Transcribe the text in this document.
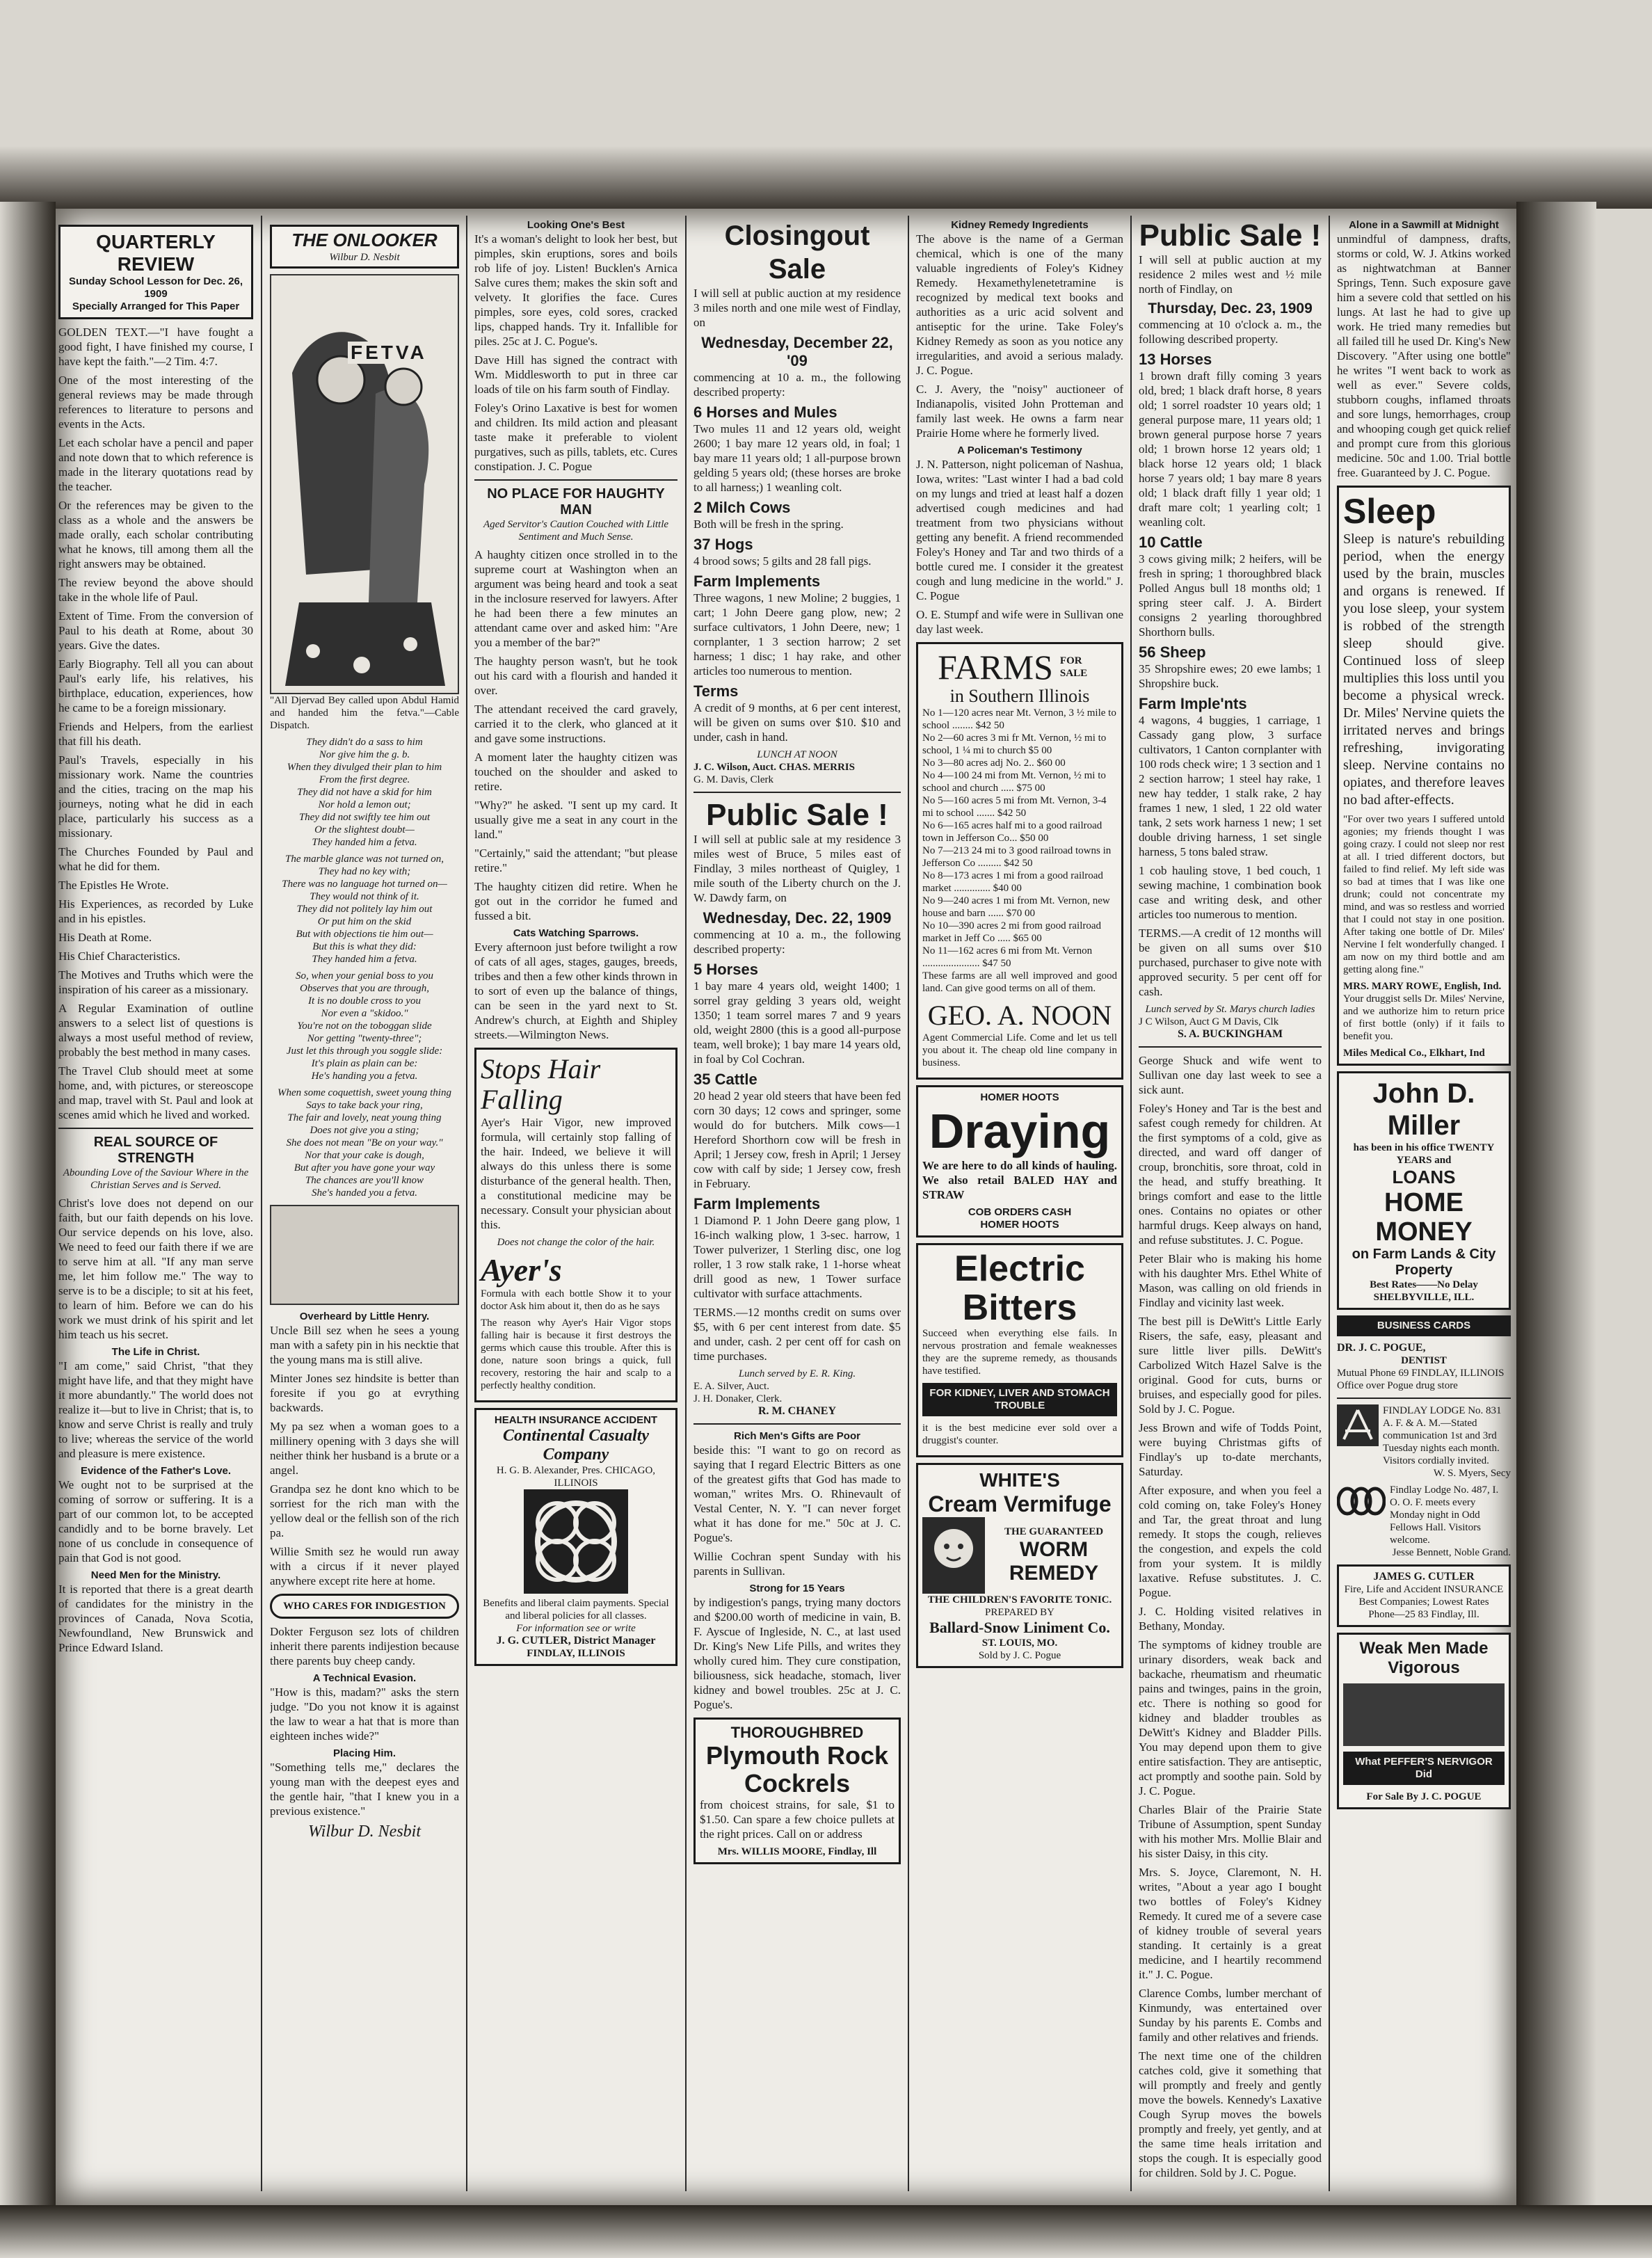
QUARTERLY REVIEW
Sunday School Lesson for Dec. 26, 1909
Specially Arranged for This Paper

GOLDEN TEXT.—"I have fought a good fight, I have finished my course, I have kept the faith."—2 Tim. 4:7.

One of the most interesting of the general reviews may be made through references to literature to persons and events in the Acts.

Let each scholar have a pencil and paper and note down that to which reference is made in the literary quotations read by the teacher.

Or the references may be given to the class as a whole and the answers be made orally, each scholar contributing what he knows, till among them all the right answers may be obtained.

The review beyond the above should take in the whole life of Paul.

Extent of Time. From the conversion of Paul to his death at Rome, about 30 years. Give the dates.

Early Biography. Tell all you can about Paul's early life, his relatives, his birthplace, education, experiences, how he came to be a foreign missionary.

Friends and Helpers, from the earliest that fill his death.

Paul's Travels, especially in his missionary work. Name the countries and the cities, tracing on the map his journeys, noting what he did in each place, particularly his success as a missionary.

The Churches Founded by Paul and what he did for them.

The Epistles He Wrote.

His Experiences, as recorded by Luke and in his epistles.

His Death at Rome.

His Chief Characteristics.

The Motives and Truths which were the inspiration of his career as a missionary.

A Regular Examination of outline answers to a select list of questions is always a most useful method of review, probably the best method in many cases.

The Travel Club should meet at some home, and, with pictures, or stereoscope and map, travel with St. Paul and look at scenes amid which he lived and worked.

REAL SOURCE OF STRENGTH

Abounding Love of the Saviour Where in the Christian Serves and is Served.

Christ's love does not depend on our faith, but our faith depends on his love. Our service depends on his love, also. We need to feed our faith there if we are to serve him at all. "If any man serve me, let him follow me." The way to serve is to be a disciple; to sit at his feet, to learn of him. Before we can do his work we must drink of his spirit and let him teach us his secret.

The Life in Christ.

"I am come," said Christ, "that they might have life, and that they might have it more abundantly." The world does not realize it—but to live in Christ; that is, to know and serve Christ is really and truly to live; whereas the service of the world and pleasure is mere existence.

Evidence of the Father's Love.

We ought not to be surprised at the coming of sorrow or suffering. It is a part of our common lot, to be accepted candidly and to be borne bravely. Let none of us conclude in consequence of pain that God is not good.

Need Men for the Ministry.

It is reported that there is a great dearth of candidates for the ministry in the provinces of Canada, Nova Scotia, Newfoundland, New Brunswick and Prince Edward Island.

THE ONLOOKER
Wilbur D. Nesbit
FETVA

"All Djervad Bey called upon Abdul Hamid and handed him the fetva."—Cable Dispatch.

They didn't do a sass to him
Nor give him the g. b.
When they divulged their plan to him
From the first degree.
They did not have a skid for him
Nor hold a lemon out;
They did not swiftly tee him out
Or the slightest doubt—
They handed him a fetva.
The marble glance was not turned on,
They had no key with;
There was no language hot turned on—
They would not think of it.
They did not politely lay him out
Or put him on the skid
But with objections tie him out—
But this is what they did:
They handed him a fetva.
So, when your genial boss to you
Observes that you are through,
It is no double cross to you
Nor even a "skidoo."
You're not on the toboggan slide
Nor getting "twenty-three";
Just let this through you soggle slide:
It's plain as plain can be:
He's handing you a fetva.
When some coquettish, sweet young thing
Says to take back your ring,
The fair and lovely, neat young thing
Does not give you a sting;
She does not mean "Be on your way."
Nor that your cake is dough,
But after you have gone your way
The chances are you'll know
She's handed you a fetva.
Overheard by Little Henry.

Uncle Bill sez when he sees a young man with a safety pin in his necktie that the young mans ma is still alive.

Minter Jones sez hindsite is better than foresite if you go at evrything backwards.

My pa sez when a woman goes to a millinery opening with 3 days she will neither think her husband is a brute or a angel.

Grandpa sez he dont kno which to be sorriest for the rich man with the yellow deal or the fellish son of the rich pa.

Willie Smith sez he would run away with a circus if it never played anywhere except rite here at home.

WHO CARES FOR INDIGESTION

Dokter Ferguson sez lots of children inherit there parents indijestion because there parents buy cheep candy.

A Technical Evasion.

"How is this, madam?" asks the stern judge. "Do you not know it is against the law to wear a hat that is more than eighteen inches wide?"

Placing Him.

"Something tells me," declares the young man with the deepest eyes and the gentle hair, "that I knew you in a previous existence."

Wilbur D. Nesbit
Looking One's Best

It's a woman's delight to look her best, but pimples, skin eruptions, sores and boils rob life of joy. Listen! Bucklen's Arnica Salve cures them; makes the skin soft and velvety. It glorifies the face. Cures pimples, sore eyes, cold sores, cracked lips, chapped hands. Try it. Infallible for piles. 25c at J. C. Pogue's.

Dave Hill has signed the contract with Wm. Middlesworth to put in three car loads of tile on his farm south of Findlay.

Foley's Orino Laxative is best for women and children. Its mild action and pleasant taste make it preferable to violent purgatives, such as pills, tablets, etc. Cures constipation. J. C. Pogue

NO PLACE FOR HAUGHTY MAN

Aged Servitor's Caution Couched with Little Sentiment and Much Sense.

A haughty citizen once strolled in to the supreme court at Washington when an argument was being heard and took a seat in the inclosure reserved for lawyers. After he had been there a few minutes an attendant came over and asked him: "Are you a member of the bar?"

The haughty person wasn't, but he took out his card with a flourish and handed it over.

The attendant received the card gravely, carried it to the clerk, who glanced at it and gave some instructions.

A moment later the haughty citizen was touched on the shoulder and asked to retire.

"Why?" he asked. "I sent up my card. It usually give me a seat in any court in the land."

"Certainly," said the attendant; "but please retire."

The haughty citizen did retire. When he got out in the corridor he fumed and fussed a bit.

Cats Watching Sparrows.

Every afternoon just before twilight a row of cats of all ages, stages, gauges, breeds, tribes and then a few other kinds thrown in to sort of even up the balance of things, can be seen in the yard next to St. Andrew's church, at Eighth and Shipley streets.—Wilmington News.

Stops Hair Falling

Ayer's Hair Vigor, new improved formula, will certainly stop falling of the hair. Indeed, we believe it will always do this unless there is some disturbance of the general health. Then, a constitutional medicine may be necessary. Consult your physician about this.

Does not change the color of the hair.

Ayer's

Formula with each bottle Show it to your doctor Ask him about it, then do as he says

The reason why Ayer's Hair Vigor stops falling hair is because it first destroys the germs which cause this trouble. After this is done, nature soon brings a quick, full recovery, restoring the hair and scalp to a perfectly healthy condition.

HEALTH INSURANCE ACCIDENT
Continental Casualty Company
H. G. B. Alexander, Pres. CHICAGO, ILLINOIS
Benefits and liberal claim payments. Special and liberal policies for all classes.
For information see or write
J. G. CUTLER, District Manager
FINDLAY, ILLINOIS
Closingout Sale

I will sell at public auction at my residence 3 miles north and one mile west of Findlay, on

Wednesday, December 22, '09

commencing at 10 a. m., the following described property:

6 Horses and Mules

Two mules 11 and 12 years old, weight 2600; 1 bay mare 12 years old, in foal; 1 bay mare 11 years old; 1 all-purpose brown gelding 5 years old; (these horses are broke to all harness;) 1 weanling colt.

2 Milch Cows

Both will be fresh in the spring.

37 Hogs

4 brood sows; 5 gilts and 28 fall pigs.

Farm Implements

Three wagons, 1 new Moline; 2 buggies, 1 cart; 1 John Deere gang plow, new; 2 surface cultivators, 1 John Deere, new; 1 cornplanter, 1 3 section harrow; 2 set harness; 1 disc; 1 hay rake, and other articles too numerous to mention.

Terms

A credit of 9 months, at 6 per cent interest, will be given on sums over $10. $10 and under, cash in hand.

LUNCH AT NOON
J. C. Wilson, Auct. CHAS. MERRIS
G. M. Davis, Clerk
Public Sale !

I will sell at public sale at my residence 3 miles west of Bruce, 5 miles east of Findlay, 3 miles northeast of Quigley, 1 mile south of the Liberty church on the J. W. Dawdy farm, on

Wednesday, Dec. 22, 1909

commencing at 10 a. m., the following described property:

5 Horses

1 bay mare 4 years old, weight 1400; 1 sorrel gray gelding 3 years old, weight 1350; 1 team sorrel mares 7 and 9 years old, weight 2800 (this is a good all-purpose team, well broke); 1 bay mare 14 years old, in foal by Col Cochran.

35 Cattle

20 head 2 year old steers that have been fed corn 30 days; 12 cows and springer, some would do for butchers. Milk cows—1 Hereford Shorthorn cow will be fresh in April; 1 Jersey cow, fresh in April; 1 Jersey cow with calf by side; 1 Jersey cow, fresh in February.

Farm Implements

1 Diamond P. 1 John Deere gang plow, 1 16-inch walking plow, 1 3-sec. harrow, 1 Tower pulverizer, 1 Sterling disc, one log roller, 1 3 row stalk rake, 1 1-horse wheat drill good as new, 1 Tower surface cultivator with surface attachments.

TERMS.—12 months credit on sums over $5, with 6 per cent interest from date. $5 and under, cash. 2 per cent off for cash on time purchases.

Lunch served by E. R. King.
E. A. Silver, Auct.
J. H. Donaker, Clerk.
R. M. CHANEY
Rich Men's Gifts are Poor

beside this: "I want to go on record as saying that I regard Electric Bitters as one of the greatest gifts that God has made to woman," writes Mrs. O. Rhinevault of Vestal Center, N. Y. "I can never forget what it has done for me." 50c at J. C. Pogue's.

Willie Cochran spent Sunday with his parents in Sullivan.

Strong for 15 Years

by indigestion's pangs, trying many doctors and $200.00 worth of medicine in vain, B. F. Ayscue of Ingleside, N. C., at last used Dr. King's New Life Pills, and writes they wholly cured him. They cure constipation, biliousness, sick headache, stomach, liver kidney and bowel troubles. 25c at J. C. Pogue's.

THOROUGHBRED
Plymouth Rock
Cockrels

from choicest strains, for sale, $1 to $1.50. Can spare a few choice pullets at the right prices. Call on or address

Mrs. WILLIS MOORE, Findlay, Ill
Kidney Remedy Ingredients

The above is the name of a German chemical, which is one of the many valuable ingredients of Foley's Kidney Remedy. Hexamethylenetetramine is recognized by medical text books and authorities as a uric acid solvent and antiseptic for the urine. Take Foley's Kidney Remedy as soon as you notice any irregularities, and avoid a serious malady. J. C. Pogue.

C. J. Avery, the "noisy" auctioneer of Indianapolis, visited John Protteman and family last week. He owns a farm near Prairie Home where he formerly lived.

A Policeman's Testimony

J. N. Patterson, night policeman of Nashua, Iowa, writes: "Last winter I had a bad cold on my lungs and tried at least half a dozen advertised cough medicines and had treatment from two physicians without getting any benefit. A friend recommended Foley's Honey and Tar and two thirds of a bottle cured me. I consider it the greatest cough and lung medicine in the world." J. C. Pogue

O. E. Stumpf and wife were in Sullivan one day last week.

FARMS FOR SALE
in Southern Illinois
No 1—120 acres near Mt. Vernon, 3 ½ mile to school ........ $42 50
No 2—60 acres 3 mi fr Mt. Vernon, ½ mi to school, 1 ¼ mi to church $5 00
No 3—80 acres adj No. 2.. $60 00
No 4—100 24 mi from Mt. Vernon, ½ mi to school and church ..... $75 00
No 5—160 acres 5 mi from Mt. Vernon, 3-4 mi to school ....... $42 50
No 6—165 acres half mi to a good railroad town in Jefferson Co... $50 00
No 7—213 24 mi to 3 good railroad towns in Jefferson Co ......... $42 50
No 8—173 acres 1 mi from a good railroad market .............. $40 00
No 9—240 acres 1 mi from Mt. Vernon, new house and barn ...... $70 00
No 10—390 acres 2 mi from good railroad market in Jeff Co ..... $65 00
No 11—162 acres 6 mi from Mt. Vernon ...................... $47 50

These farms are all well improved and good land. Can give good terms on all of them.

GEO. A. NOON

Agent Commercial Life. Come and let us tell you about it. The cheap old line company in business.

HOMER HOOTS
Draying

We are here to do all kinds of hauling. We also retail BALED HAY and STRAW

COB ORDERS CASH
HOMER HOOTS
Electric Bitters

Succeed when everything else fails. In nervous prostration and female weaknesses they are the supreme remedy, as thousands have testified.

FOR KIDNEY, LIVER AND STOMACH TROUBLE

it is the best medicine ever sold over a druggist's counter.

WHITE'S
Cream Vermifuge
THE GUARANTEED
WORM REMEDY
THE CHILDREN'S FAVORITE TONIC.
PREPARED BY
Ballard-Snow Liniment Co.
ST. LOUIS, MO.
Sold by J. C. Pogue
Public Sale !

I will sell at public auction at my residence 2 miles west and ½ mile north of Findlay, on

Thursday, Dec. 23, 1909

commencing at 10 o'clock a. m., the following described property.

13 Horses

1 brown draft filly coming 3 years old, bred; 1 black draft horse, 8 years old; 1 sorrel roadster 10 years old; 1 general purpose mare, 11 years old; 1 brown general purpose horse 7 years old; 1 brown horse 12 years old; 1 black horse 12 years old; 1 black horse 7 years old; 1 bay mare 8 years old; 1 black draft filly 1 year old; 1 draft mare colt; 1 yearling colt; 1 weanling colt.

10 Cattle

3 cows giving milk; 2 heifers, will be fresh in spring; 1 thoroughbred black Polled Angus bull 18 months old; 1 spring steer calf. J. A. Birdert consigns 2 yearling thoroughbred Shorthorn bulls.

56 Sheep

35 Shropshire ewes; 20 ewe lambs; 1 Shropshire buck.

Farm Imple'nts

4 wagons, 4 buggies, 1 carriage, 1 Cassady gang plow, 3 surface cultivators, 1 Canton cornplanter with 100 rods check wire; 1 3 section and 1 2 section harrow; 1 steel hay rake, 1 new hay tedder, 1 stalk rake, 2 hay frames 1 new, 1 sled, 1 22 old water tank, 2 sets work harness 1 new; 1 set double driving harness, 1 set single harness, 5 tons baled straw.

1 cob hauling stove, 1 bed couch, 1 sewing machine, 1 combination book case and writing desk, and other articles too numerous to mention.

TERMS.—A credit of 12 months will be given on all sums over $10 purchased, purchaser to give note with approved security. 5 per cent off for cash.

Lunch served by St. Marys church ladies
J C Wilson, Auct G M Davis, Clk
S. A. BUCKINGHAM

George Shuck and wife went to Sullivan one day last week to see a sick aunt.

Foley's Honey and Tar is the best and safest cough remedy for children. At the first symptoms of a cold, give as directed, and ward off danger of croup, bronchitis, sore throat, cold in the head, and stuffy breathing. It brings comfort and ease to the little ones. Contains no opiates or other harmful drugs. Keep always on hand, and refuse substitutes. J. C. Pogue.

Peter Blair who is making his home with his daughter Mrs. Ethel White of Mason, was calling on old friends in Findlay and vicinity last week.

The best pill is DeWitt's Little Early Risers, the safe, easy, pleasant and sure little liver pills. DeWitt's Carbolized Witch Hazel Salve is the original. Good for cuts, burns or bruises, and especially good for piles. Sold by J. C. Pogue.

Jess Brown and wife of Todds Point, were buying Christmas gifts of Findlay's up to-date merchants, Saturday.

After exposure, and when you feel a cold coming on, take Foley's Honey and Tar, the great throat and lung remedy. It stops the cough, relieves the congestion, and expels the cold from your system. It is mildly laxative. Refuse substitutes. J. C. Pogue.

J. C. Holding visited relatives in Bethany, Monday.

The symptoms of kidney trouble are urinary disorders, weak back and backache, rheumatism and rheumatic pains and twinges, pains in the groin, etc. There is nothing so good for kidney and bladder troubles as DeWitt's Kidney and Bladder Pills. You may depend upon them to give entire satisfaction. They are antiseptic, act promptly and soothe pain. Sold by J. C. Pogue.

Charles Blair of the Prairie State Tribune of Assumption, spent Sunday with his mother Mrs. Mollie Blair and his sister Daisy, in this city.

Mrs. S. Joyce, Claremont, N. H. writes, "About a year ago I bought two bottles of Foley's Kidney Remedy. It cured me of a severe case of kidney trouble of several years standing. It certainly is a great medicine, and I heartily recommend it." J. C. Pogue.

Clarence Combs, lumber merchant of Kinmundy, was entertained over Sunday by his parents E. Combs and family and other relatives and friends.

The next time one of the children catches cold, give it something that will promptly and freely and gently move the bowels. Kennedy's Laxative Cough Syrup moves the bowels promptly and freely, yet gently, and at the same time heals irritation and stops the cough. It is especially good for children. Sold by J. C. Pogue.

Alone in a Sawmill at Midnight

unmindful of dampness, drafts, storms or cold, W. J. Atkins worked as nightwatchman at Banner Springs, Tenn. Such exposure gave him a severe cold that settled on his lungs. At last he had to give up work. He tried many remedies but all failed till he used Dr. King's New Discovery. "After using one bottle" he writes "I went back to work as well as ever." Severe colds, stubborn coughs, inflamed throats and sore lungs, hemorrhages, croup and whooping cough get quick relief and prompt cure from this glorious medicine. 50c and 1.00. Trial bottle free. Guaranteed by J. C. Pogue.

Sleep

Sleep is nature's rebuilding period, when the energy used by the brain, muscles and organs is renewed. If you lose sleep, your system is robbed of the strength sleep should give. Continued loss of sleep multiplies this loss until you become a physical wreck. Dr. Miles' Nervine quiets the irritated nerves and brings refreshing, invigorating sleep. Nervine contains no opiates, and therefore leaves no bad after-effects.

"For over two years I suffered untold agonies; my friends thought I was going crazy. I could not sleep nor rest at all. I tried different doctors, but failed to find relief. My left side was so bad at times that I was like one drunk; could not concentrate my mind, and was so restless and worried that I could not stay in one position. After taking one bottle of Dr. Miles' Nervine I felt wonderfully changed. I am now on my third bottle and am getting along fine."

MRS. MARY ROWE, English, Ind.

Your druggist sells Dr. Miles' Nervine, and we authorize him to return price of first bottle (only) if it fails to benefit you.

Miles Medical Co., Elkhart, Ind
John D. Miller
has been in his office TWENTY YEARS and
LOANS
HOME MONEY
on Farm Lands & City Property
Best Rates——No Delay
SHELBYVILLE, ILL.
BUSINESS CARDS
DR. J. C. POGUE,
DENTIST
Mutual Phone 69 FINDLAY, ILLINOIS
Office over Pogue drug store
FINDLAY LODGE No. 831 A. F. & A. M.—Stated communication 1st and 3rd Tuesday nights each month. Visitors cordially invited.
W. S. Myers, Secy
Findlay Lodge No. 487, I. O. O. F. meets every Monday night in Odd Fellows Hall. Visitors welcome.
Jesse Bennett, Noble Grand.
JAMES G. CUTLER
Fire, Life and Accident INSURANCE
Best Companies; Lowest Rates
Phone—25 83 Findlay, Ill.
Weak Men Made Vigorous
What PEFFER'S NERVIGOR Did
For Sale By J. C. POGUE
